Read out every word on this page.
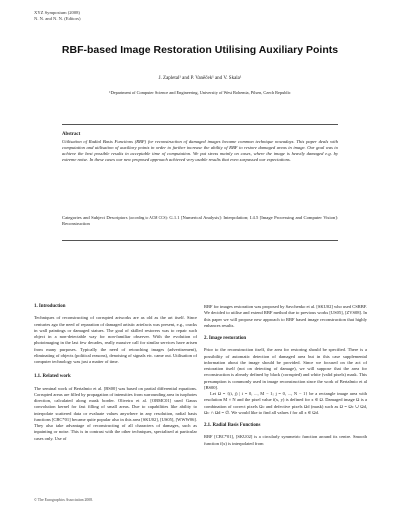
XYZ Symposium (2008)
N. N. and N. N. (Editors)
RBF-based Image Restoration Utilising Auxiliary Points
J. Zapletal¹ and P. Vaněček¹ and V. Skala¹
¹Department of Computer Science and Engineering, University of West Bohemia, Pilsen, Czech Republic
Abstract
Utilisation of Radial Basis Functions (RBF) for reconstruction of damaged images became common technique nowadays. This paper deals with computation and utilisation of auxiliary points in order to further increase the ability of RBF to restore damaged areas in image. Our goal was to achieve the best possible results in acceptable time of computation. We put stress mainly on cases, where the image is heavily damaged e.g. by extreme noise. In these cases our new proposed approach achieved very usable results that even surpassed our expectations.
Categories and Subject Descriptors (according to ACM CCS): G.1.1 [Numerical Analysis]: Interpolation; I.4.5 [Image Processing and Computer Vision]: Reconstruction
1. Introduction

Techniques of reconstructing of corrupted artworks are as old as the art itself. Since centuries ago the need of reparation of damaged artistic artefacts was present, e.g., cracks in wall paintings or damaged statues. The goal of skilled restorers was to repair such object in a non-detectable way for non-familiar observer. With the evolution of photoimaging in the last few decades, really massive call for similar services have arisen from many purposes. Typically the need of retouching images (advertisement), eliminating of objects (political reasons), denoising of signals etc. came out. Utilisation of computer technology was just a matter of time.

1.1. Related work

The seminal work of Bertalmio et al. [BS00] was based on partial differential equations. Corrupted areas are filled by propagation of intensities from surrounding area in isophotes direction, calculated along mask border. Oliveira et al. [OBMC01] used Gauss convolution kernel for fast filling of small areas. Due to capabilities like ability to interpolate scattered data or evaluate values anywhere in any resolution, radial basis functions [CBC*01] became quite popular also in this area [SKU02], [US05], [WWW06]. They also take advantage of reconstructing of all characters of damages, such as inpainting or noise. This is in contrast with the other techniques, specialised at particular cases only. Use of

RBF for images restoration was proposed by Savchenko et al. [SKU02] who used CSRBF. We decided to utilise and extend RBF method due to previous works [US05], [ZVS08]. In this paper we will propose new approach to RBF based image reconstruction that highly enhances results.

2. Image restoration

Prior to the reconstruction itself, the area for restoring should be specified. There is a possibility of automatic detection of damaged area but in this case supplemental information about the image should be provided. Since we focused on the act of restoration itself (not on detecting of damage), we will suppose that the area for reconstruction is already defined by black (corrupted) and white (valid pixels) mask. This presumption is commonly used in image reconstruction since the work of Bertalmio et al [BS00].

Let Ω = {(i, j) | i = 0, ..., M − 1; j = 0, ..., N − 1} be a rectangle image area with resolution M × N and the pixel value f(x, y) is defined for x ∈ Ω. Damaged image Ω is a combination of correct pixels Ωc and defective pixels Ωd (mask) such as Ω = Ωc ∪ Ωd, Ωc ∩ Ωd = ∅. We would like to find all values f for all x ∈ Ωd.

2.1. Radial Basis Functions

RBF [CBC*01], [SKU02] is a circularly symmetric function around its centre. Smooth function f(x) is interpolated from

© The Eurographics Association 2008.
